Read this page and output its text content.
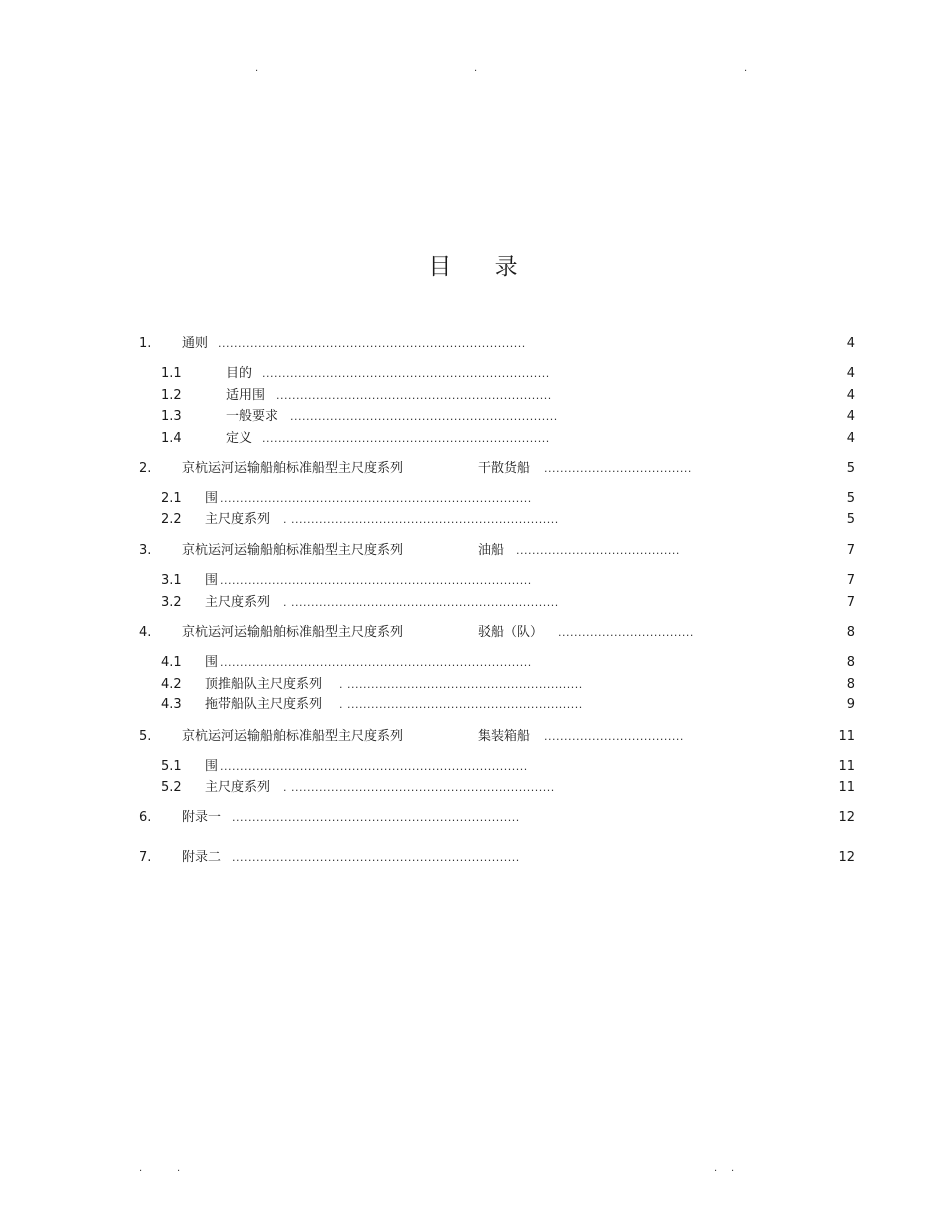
.	.	.
目 录
1. 通则 .............................................................................	4
1.1	目的 ........................................................................	4
1.2	适用围 .....................................................................	4
1.3	一般要求 ...................................................................	4
1.4	定义 ........................................................................	4
2. 京杭运河运输船舶标准船型主尺度系列	干散货船 .....................................	5
2.1 围 ..............................................................................	5
2.2 主尺度系列 . ...................................................................	5
3. 京杭运河运输船舶标准船型主尺度系列	油船 .........................................	7
3.1 围 ..............................................................................	7
3.2 主尺度系列 . ...................................................................	7
4. 京杭运河运输船舶标准船型主尺度系列	驳船（队） ..................................	8
4.1 围 ..............................................................................	8
4.2 顶推船队主尺度系列 . ...........................................................	8
4.3 拖带船队主尺度系列 . ...........................................................	9
5. 京杭运河运输船舶标准船型主尺度系列	集装箱船 ...................................	11
5.1 围 .............................................................................	11
5.2 主尺度系列 . ..................................................................	11
6. 附录一 ........................................................................	12
7. 附录二 ........................................................................	12
.	.	. .
